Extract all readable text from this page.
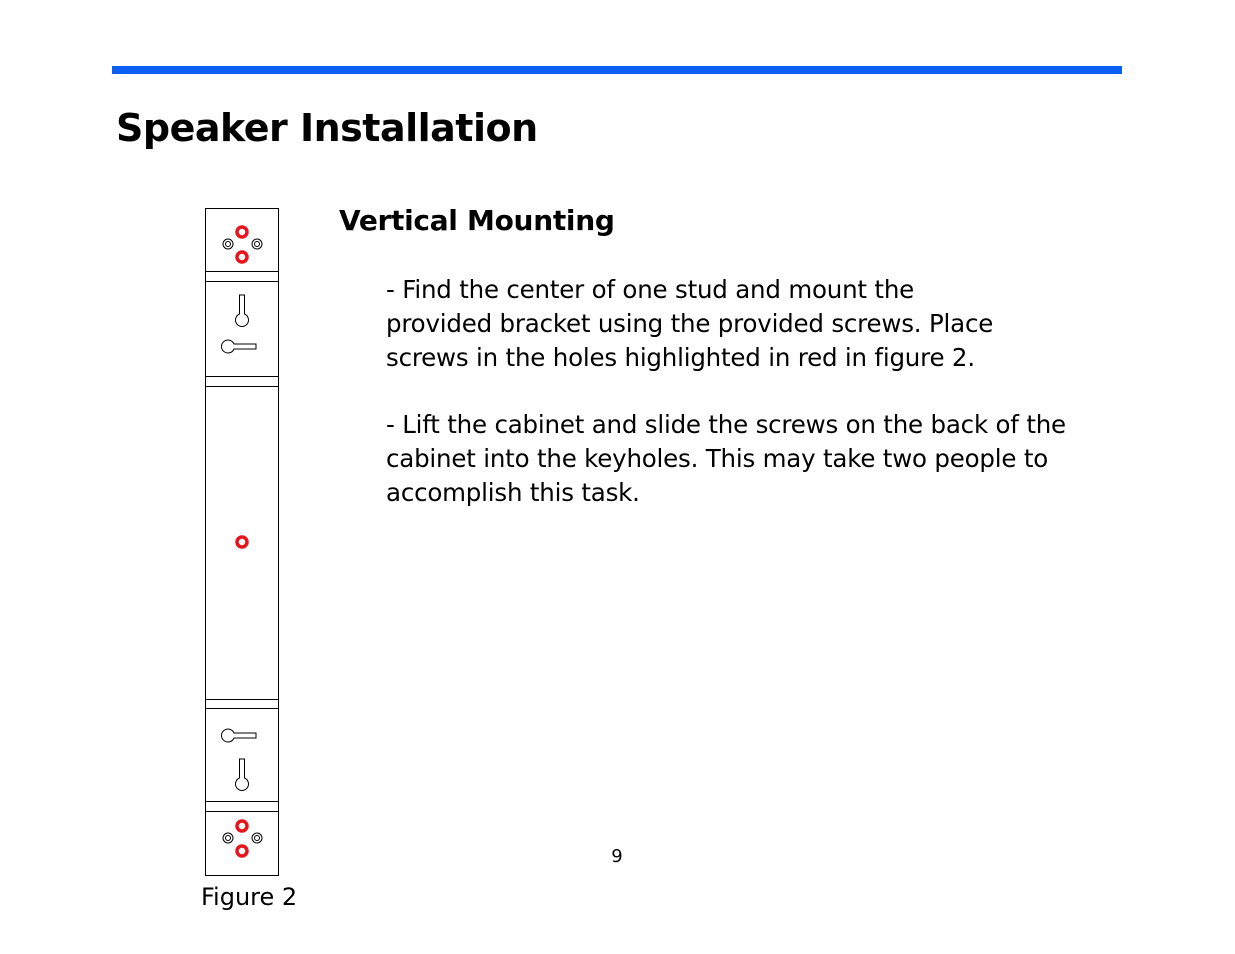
Speaker Installation
Vertical Mounting

- Find the center of one stud and mount the
provided bracket using the provided screws. Place
screws in the holes highlighted in red in figure 2.

- Lift the cabinet and slide the screws on the back of the
cabinet into the keyholes. This may take two people to
accomplish this task.

Figure 2

9
